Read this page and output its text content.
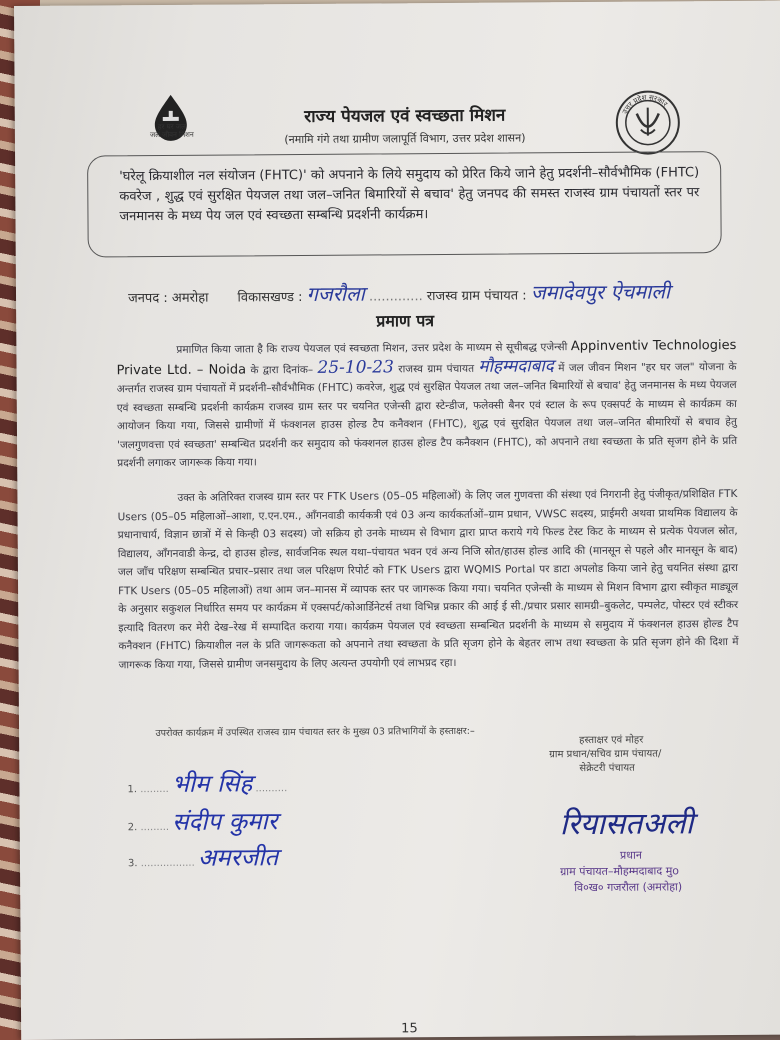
हर घर जल
जल जीवन मिशन
राज्य पेयजल एवं स्वच्छता मिशन
(नमामि गंगे तथा ग्रामीण जलापूर्ति विभाग, उत्तर प्रदेश शासन)
उत्तर प्रदेश सरकार
'घरेलू क्रियाशील नल संयोजन (FHTC)' को अपनाने के लिये समुदाय को प्रेरित किये जाने हेतु प्रदर्शनी–सौर्वभौमिक (FHTC) कवरेज , शुद्ध एवं सुरक्षित पेयजल तथा जल–जनित बिमारियों से बचाव' हेतु जनपद की समस्त राजस्व ग्राम पंचायतों स्तर पर जनमानस के मध्य पेय जल एवं स्वच्छता सम्बन्धि प्रदर्शनी कार्यक्रम।
जनपद : अमरोहा विकासखण्ड : गजरौला ............. राजस्व ग्राम पंचायत : जमादेवपुर ऐचमाली
प्रमाण पत्र
प्रमाणित किया जाता है कि राज्य पेयजल एवं स्वच्छता मिशन, उत्तर प्रदेश के माध्यम से सूचीबद्ध एजेन्सी Appinventiv Technologies Private Ltd. – Noida के द्वारा दिनांक– 25-10-23 राजस्व ग्राम पंचायत मौहम्मदाबाद में जल जीवन मिशन "हर घर जल" योजना के अन्तर्गत राजस्व ग्राम पंचायतों में प्रदर्शनी–सौर्वभौमिक (FHTC) कवरेज, शुद्ध एवं सुरक्षित पेयजल तथा जल–जनित बिमारियों से बचाव' हेतु जनमानस के मध्य पेयजल एवं स्वच्छता सम्बन्धि प्रदर्शनी कार्यक्रम राजस्व ग्राम स्तर पर चयनित एजेन्सी द्वारा स्टेन्डीज, फलेक्सी बैनर एवं स्टाल के रूप एक्सपर्ट के माध्यम से कार्यक्रम का आयोजन किया गया, जिससे ग्रामीणों में फंक्शनल हाउस होल्ड टैप कनैक्शन (FHTC), शुद्ध एवं सुरक्षित पेयजल तथा जल–जनित बीमारियों से बचाव हेतु 'जलगुणवत्ता एवं स्वच्छता' सम्बन्धित प्रदर्शनी कर समुदाय को फंक्शनल हाउस होल्ड टैप कनैक्शन (FHTC), को अपनाने तथा स्वच्छता के प्रति सृजग होने के प्रति प्रदर्शनी लगाकर जागरूक किया गया।
उक्त के अतिरिक्त राजस्व ग्राम स्तर पर FTK Users (05–05 महिलाओं) के लिए जल गुणवत्ता की संस्था एवं निगरानी हेतु पंजीकृत/प्रशिक्षित FTK Users (05–05 महिलाओं–आशा, ए.एन.एम., आँगनवाडी कार्यकत्री एवं 03 अन्य कार्यकर्ताओं–ग्राम प्रधान, VWSC सदस्य, प्राईमरी अथवा प्राथमिक विद्यालय के प्रधानाचार्य, विज्ञान छात्रों में से किन्ही 03 सदस्य) जो सक्रिय हो उनके माध्यम से विभाग द्वारा प्राप्त कराये गये फिल्ड टेस्ट किट के माध्यम से प्रत्येक पेयजल स्रोत, विद्यालय, आँगनवाडी केन्द्र, दो हाउस होल्ड, सार्वजनिक स्थल यथा–पंचायत भवन एवं अन्य निजि स्रोत/हाउस होल्ड आदि की (मानसून से पहले और मानसून के बाद) जल जाँच परिक्षण सम्बन्धित प्रचार–प्रसार तथा जल परिक्षण रिपोर्ट को FTK Users द्वारा WQMIS Portal पर डाटा अपलोड किया जाने हेतु चयनित संस्था द्वारा FTK Users (05–05 महिलाओं) तथा आम जन–मानस में व्यापक स्तर पर जागरूक किया गया। चयनित एजेन्सी के माध्यम से मिशन विभाग द्वारा स्वीकृत माड्यूल के अनुसार सकुशल निर्धारित समय पर कार्यक्रम में एक्सपर्ट/कोआर्डिनेटर्स तथा विभिन्न प्रकार की आई ई सी./प्रचार प्रसार सामग्री–बुकलेट, पम्पलेट, पोस्टर एवं स्टीकर इत्यादि वितरण कर मेरी देख–रेख में सम्पादित कराया गया। कार्यक्रम पेयजल एवं स्वच्छता सम्बन्धित प्रदर्शनी के माध्यम से समुदाय में फंक्शनल हाउस होल्ड टैप कनैक्शन (FHTC) क्रियाशील नल के प्रति जागरूकता को अपनाने तथा स्वच्छता के प्रति सृजग होने के बेहतर लाभ तथा स्वच्छता के प्रति सृजग होने की दिशा में जागरूक किया गया, जिससे ग्रामीण जनसमुदाय के लिए अत्यन्त उपयोगी एवं लाभप्रद रहा।
उपरोक्त कार्यक्रम में उपस्थित राजस्व ग्राम पंचायत स्तर के मुख्य 03 प्रतिभागियों के हस्ताक्षर:–
1. ......... भीम सिंह ..........
2. ......... संदीप कुमार
3. ................. अमरजीत
हस्ताक्षर एवं मोहर
ग्राम प्रधान/सचिव ग्राम पंचायत/
सेक्रेटरी पंचायत
रियासतअली
प्रधान
ग्राम पंचायत–मौहम्मदाबाद मुo
वि०ख० गजरौला (अमरोहा)
15
